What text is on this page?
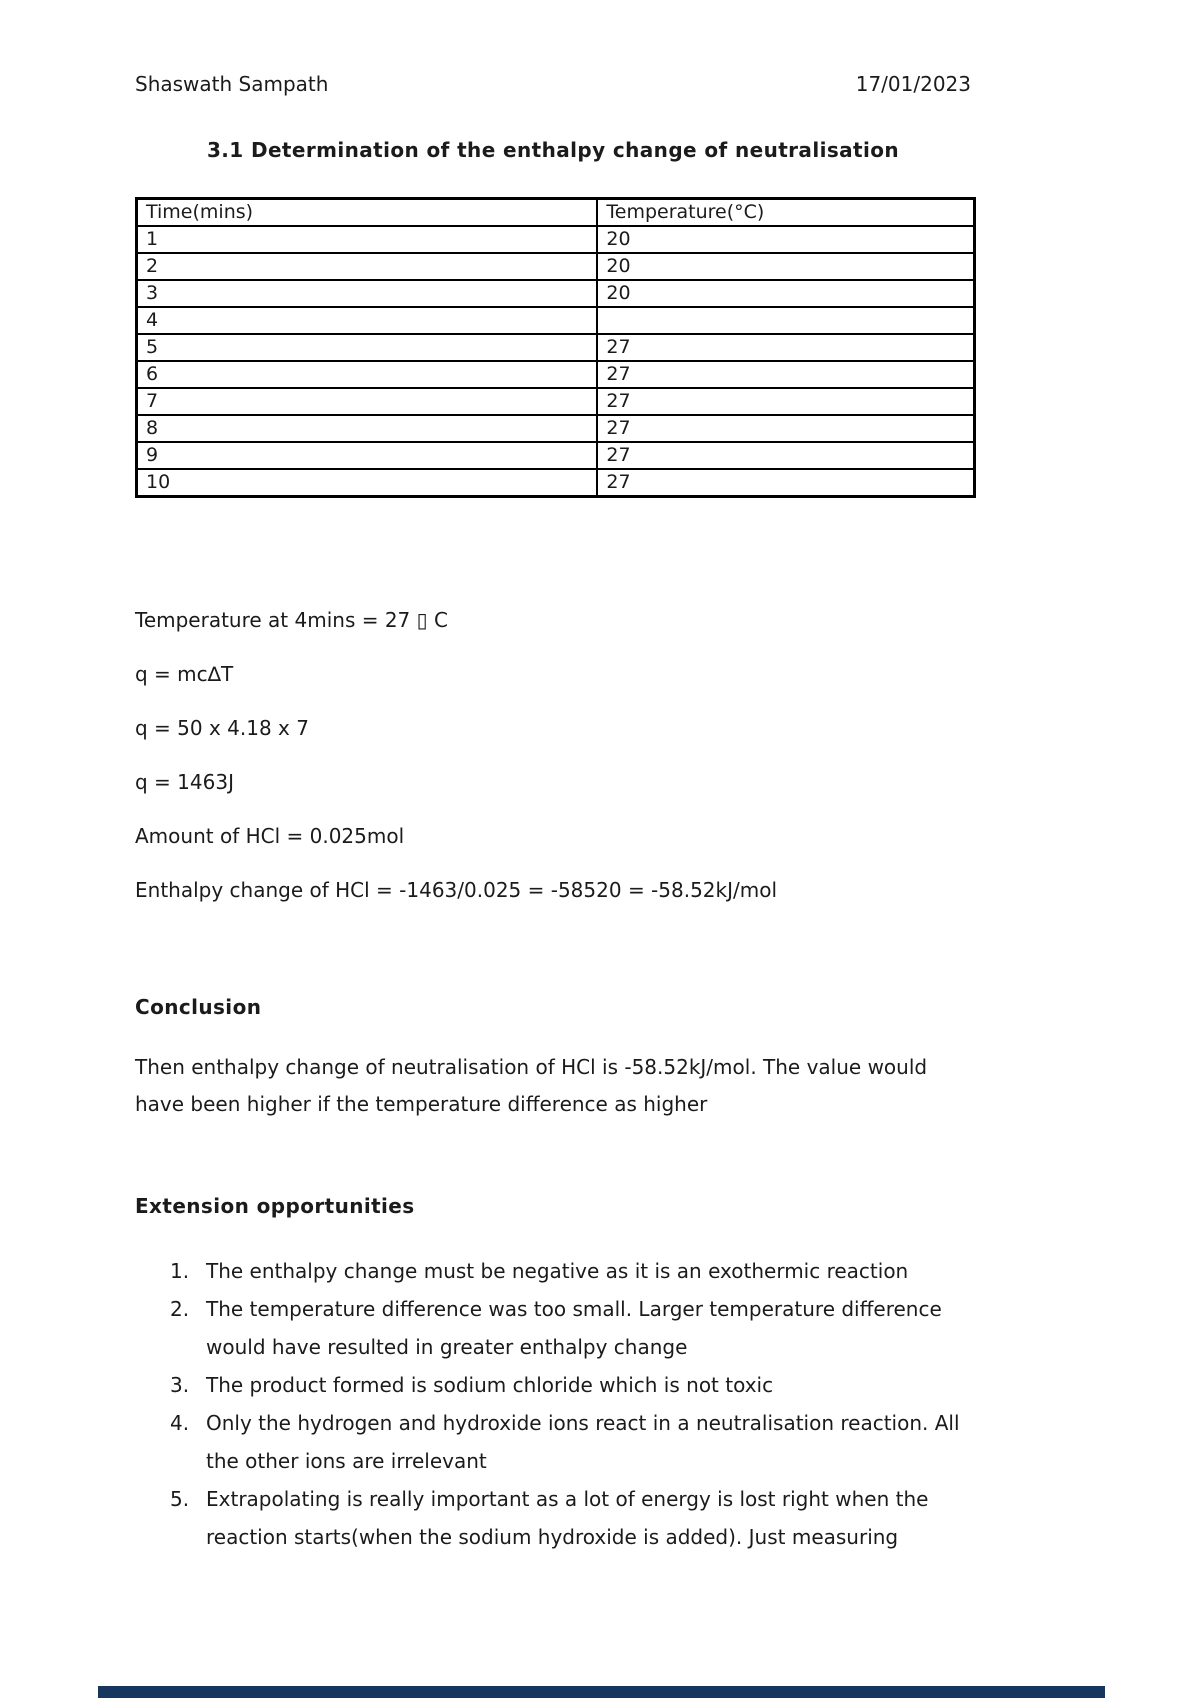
Shaswath Sampath	17/01/2023
3.1 Determination of the enthalpy change of neutralisation
Time(mins)	Temperature(°C)
1	20
2	20
3	20
4	
5	27
6	27
7	27
8	27
9	27
10	27
Temperature at 4mins = 27 ▯ C
q = mc∆T
q = 50 x 4.18 x 7
q = 1463J
Amount of HCl = 0.025mol
Enthalpy change of HCl = -1463/0.025 = -58520 = -58.52kJ/mol
Conclusion
Then enthalpy change of neutralisation of HCl is -58.52kJ/mol. The value would
have been higher if the temperature difference as higher
Extension opportunities
1. The enthalpy change must be negative as it is an exothermic reaction
2. The temperature difference was too small. Larger temperature difference
would have resulted in greater enthalpy change
3. The product formed is sodium chloride which is not toxic
4. Only the hydrogen and hydroxide ions react in a neutralisation reaction. All
the other ions are irrelevant
5. Extrapolating is really important as a lot of energy is lost right when the
reaction starts(when the sodium hydroxide is added). Just measuring
